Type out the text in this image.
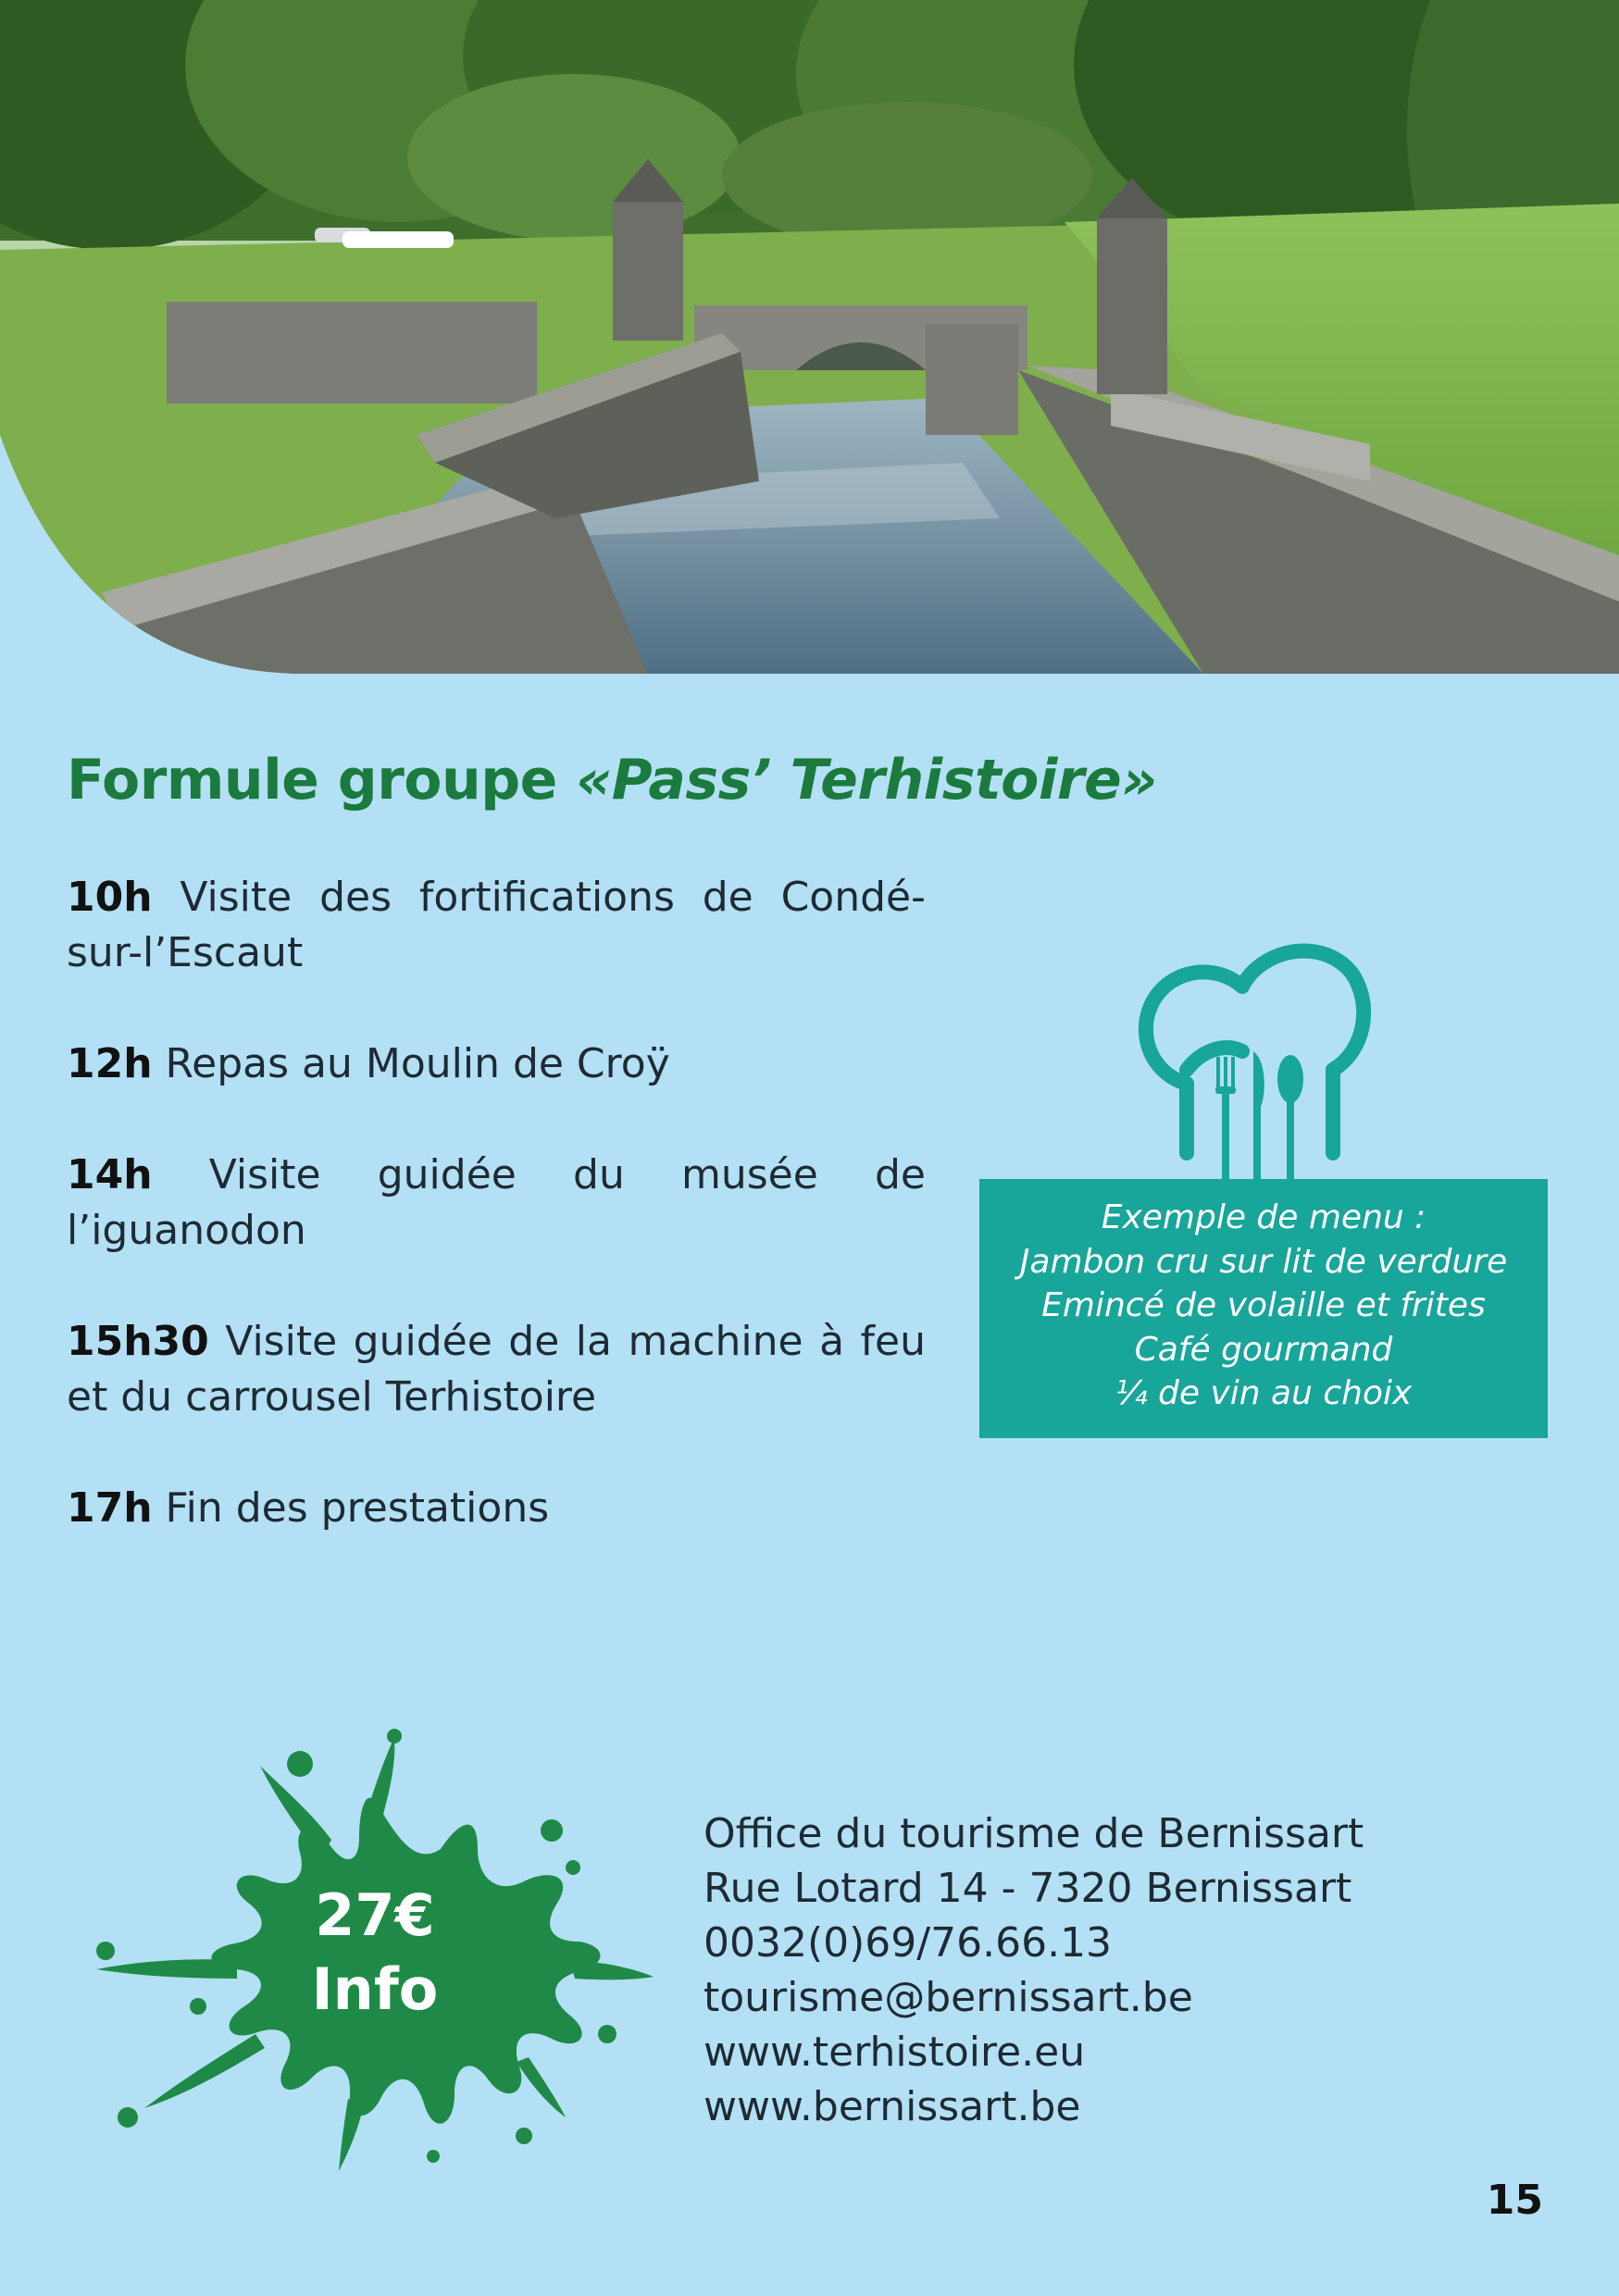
Formule groupe «Pass’ Terhistoire»
10h Visite des fortifications de Condé-sur-l’Escaut
12h Repas au Moulin de Croÿ
14h Visite guidée du musée de l’iguanodon
15h30 Visite guidée de la machine à feu et du carrousel Terhistoire
17h Fin des prestations
Exemple de menu :
Jambon cru sur lit de verdure
Emincé de volaille et frites
Café gourmand
¼ de vin au choix
27€
Info
Office du tourisme de Bernissart
Rue Lotard 14 - 7320 Bernissart
0032(0)69/76.66.13
tourisme@bernissart.be
www.terhistoire.eu
www.bernissart.be
15
